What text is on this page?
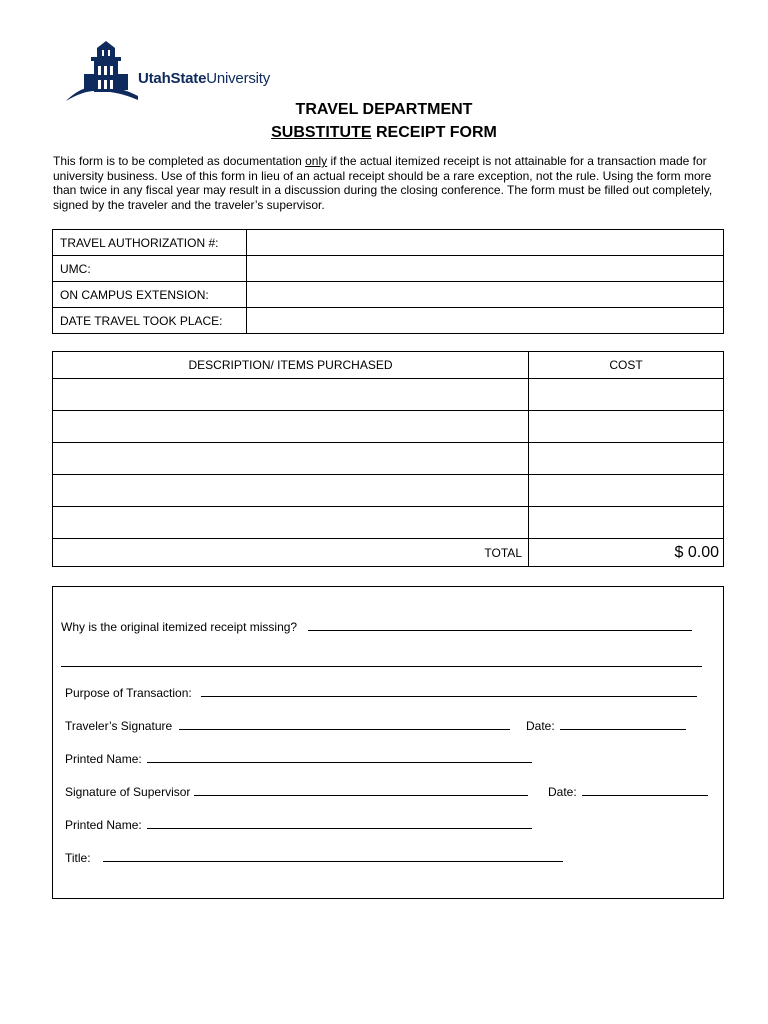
UtahStateUniversity
TRAVEL DEPARTMENT
SUBSTITUTE RECEIPT FORM

This form is to be completed as documentation only if the actual itemized receipt is not attainable for a transaction made for university business. Use of this form in lieu of an actual receipt should be a rare exception, not the rule. Using the form more than twice in any fiscal year may result in a discussion during the closing conference. The form must be filled out completely, signed by the traveler and the traveler’s supervisor.

TRAVEL AUTHORIZATION #:	
UMC:	
ON CAMPUS EXTENSION:	
DATE TRAVEL TOOK PLACE:	
DESCRIPTION/ ITEMS PURCHASED	COST

TOTAL	$ 0.00
Why is the original itemized receipt missing?
Purpose of Transaction:
Traveler’s Signature	Date:
Printed Name:
Signature of Supervisor	Date:
Printed Name:
Title:
